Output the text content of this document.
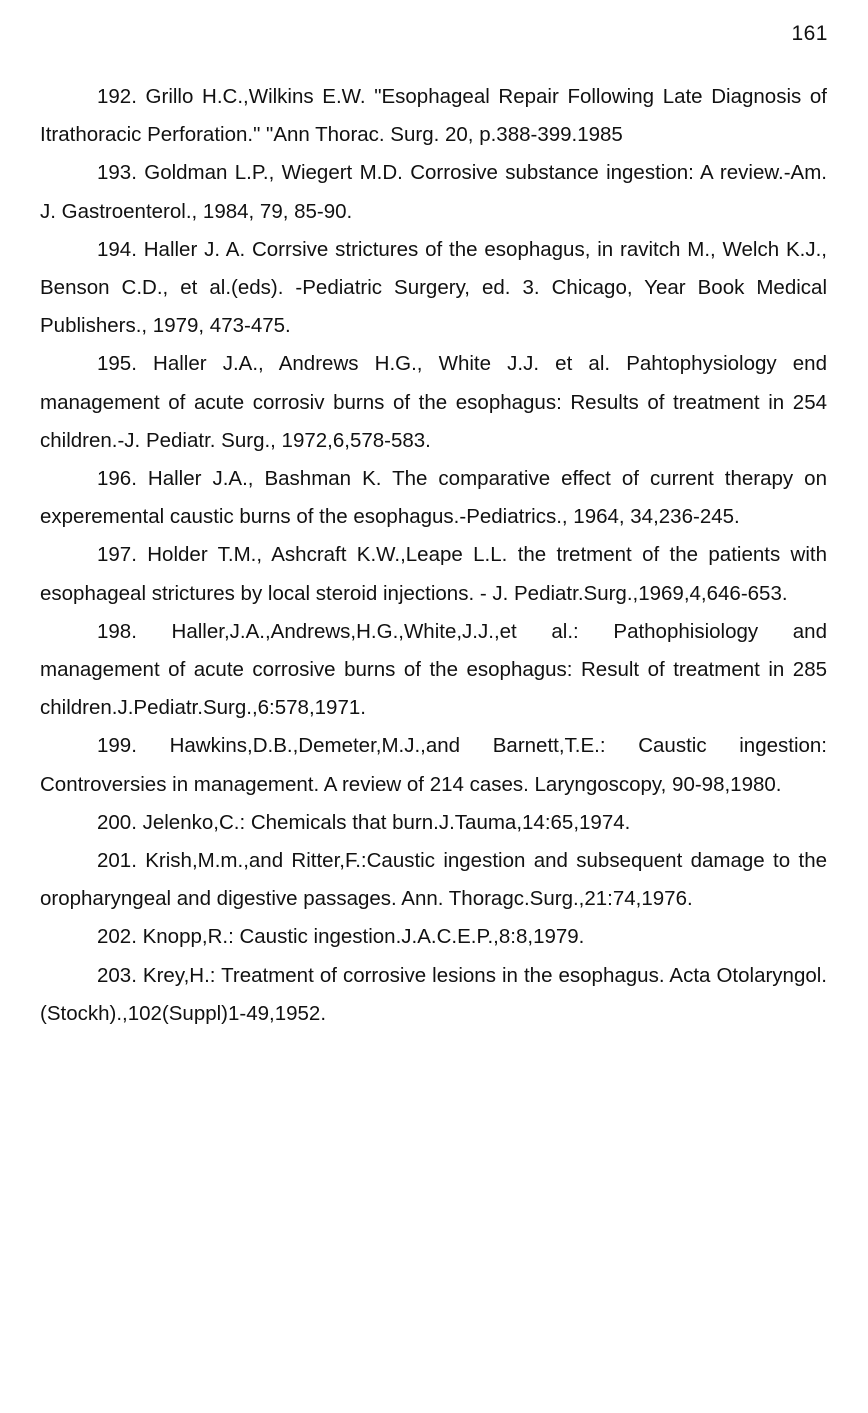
161

192. Grillo H.C.,Wilkins E.W. "Esophageal Repair Following Late Diagnosis of Itrathoracic Perforation." "Ann Thorac. Surg. 20, p.388-399.1985

193. Goldman L.P., Wiegert M.D. Corrosive substance ingestion: A review.-Am. J. Gastroenterol., 1984, 79, 85-90.

194. Haller J. A. Corrsive strictures of the esophagus, in ravitch M., Welch K.J., Benson C.D., et al.(eds). -Pediatric Surgery, ed. 3. Chicago, Year Book Medical Publishers., 1979, 473-475.

195. Haller J.A., Andrews H.G., White J.J. et al. Pahtophysiology end management of acute corrosiv burns of the esophagus: Results of treatment in 254 children.-J. Pediatr. Surg., 1972,6,578-583.

196. Haller J.A., Bashman K. The comparative effect of current therapy on experemental caustic burns of the esophagus.-Pediatrics., 1964, 34,236-245.

197. Holder T.M., Ashcraft K.W.,Leape L.L. the tretment of the patients with esophageal strictures by local steroid injections. - J. Pediatr.Surg.,1969,4,646-653.

198. Haller,J.A.,Andrews,H.G.,White,J.J.,et al.: Pathophisiology and management of acute corrosive burns of the esophagus: Result of treatment in 285 children.J.Pediatr.Surg.,6:578,1971.

199. Hawkins,D.B.,Demeter,M.J.,and Barnett,T.E.: Caustic ingestion: Controversies in management. A review of 214 cases. Laryngoscopy, 90-98,1980.

200. Jelenko,C.: Chemicals that burn.J.Tauma,14:65,1974.

201. Krish,M.m.,and Ritter,F.:Caustic ingestion and subsequent damage to the oropharyngeal and digestive passages. Ann. Thoragc.Surg.,21:74,1976.

202. Knopp,R.: Caustic ingestion.J.A.C.E.P.,8:8,1979.

203. Krey,H.: Treatment of corrosive lesions in the esophagus. Acta Otolaryngol. (Stockh).,102(Suppl)1-49,1952.
